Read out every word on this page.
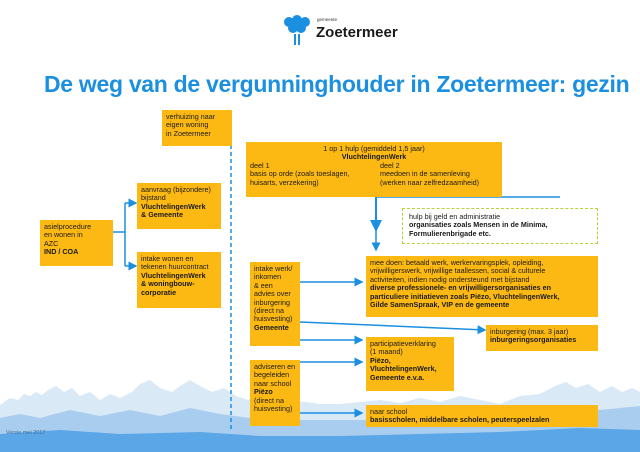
gemeente
Zoetermeer
De weg van de vergunninghouder in Zoetermeer: gezin
asielprocedure
en wonen in
AZC
IND / COA
verhuizing naar
eigen woning
in Zoetermeer
aanvraag (bijzondere)
bijstand
VluchtelingenWerk
& Gemeente
intake wonen en
tekenen huurcontract
VluchtelingenWerk
& woningbouw-
corporatie
1 op 1 hulp (gemiddeld 1,5 jaar)
VluchtelingenWerk
deel 1
basis op orde (zoals toeslagen,
huisarts, verzekering)
deel 2
meedoen in de samenleving
(werken naar zelfredzaamheid)
hulp bij geld en administratie
organisaties zoals Mensen in de Minima,
Formulierenbrigade etc.
intake werk/
inkomen
& een
advies over
inburgering
(direct na
huisvesting)
Gemeente
mee doen: betaald werk, werkervaringsplek, opleiding,
vrijwilligerswerk, vrijwillige taallessen, social & culturele
activiteiten, indien nodig ondersteund met bijstand
diverse professionele- en vrijwilligersorganisaties en
particuliere initiatieven zoals Piëzo, VluchtelingenWerk,
Gilde SamenSpraak, VIP en de gemeente
inburgering (max. 3 jaar)
inburgeringsorganisaties
participatieverklaring
(1 maand)
Piëzo,
VluchtelingenWerk,
Gemeente e.v.a.
adviseren en
begeleiden
naar school
Piëzo
(direct na
huisvesting)	naar school
basisscholen, middelbare scholen, peuterspeelzalen
Versie mei 2017
